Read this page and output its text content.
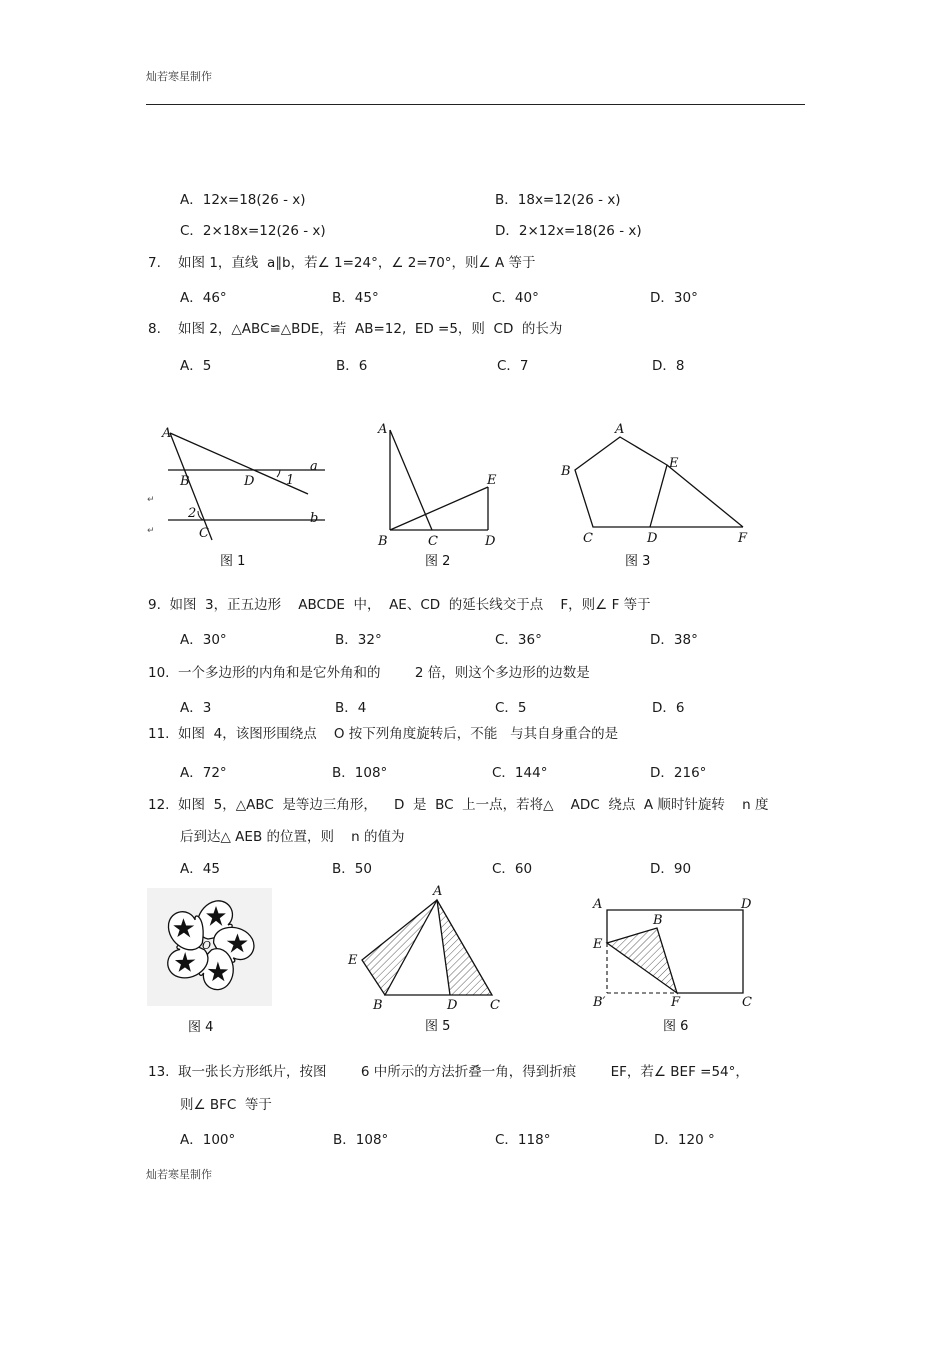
灿若寒星制作
A．12x=18(26 - x)	B．18x=12(26 - x)
C．2×18x=12(26 - x)	D．2×12x=18(26 - x)
7.    如图 1，直线  a∥b，若∠ 1=24°，∠ 2=70°，则∠ A 等于
A．46°	B．45°	C．40°	D．30°
8.    如图 2，△ABC≌△BDE，若  AB=12,  ED =5，则  CD  的长为
A．5	B．6	C．7	D．8
A
B	D 1
a
2
C
b
↵
↵
图 1
A
B	C	D
E
图 2
A
B
C	D
E
F
图 3
9.  如图  3，正五边形    ABCDE  中，  AE、CD  的延长线交于点    F，则∠ F 等于
A．30°	B．32°	C．36°	D．38°
10.  一个多边形的内角和是它外角和的        2 倍，则这个多边形的边数是
A．3	B．4	C．5	D．6
11.  如图  4，该图形围绕点    O 按下列角度旋转后，不能   与其自身重合的是
A．72°	B．108°	C．144°	D．216°
12.  如图  5，△ABC  是等边三角形，    D  是  BC  上一点，若将△    ADC  绕点  A 顺时针旋转    n 度
后到达△ AEB 的位置，则    n 的值为
A．45	B．50	C．60	D．90
O
图 4
A
E
B	D	C
图 5
A	D
B
E
B′	F	C
图 6
13.  取一张长方形纸片，按图        6 中所示的方法折叠一角，得到折痕        EF，若∠ BEF =54°，
则∠ BFC  等于
A．100°	B．108°	C．118°	D．120 °
灿若寒星制作
